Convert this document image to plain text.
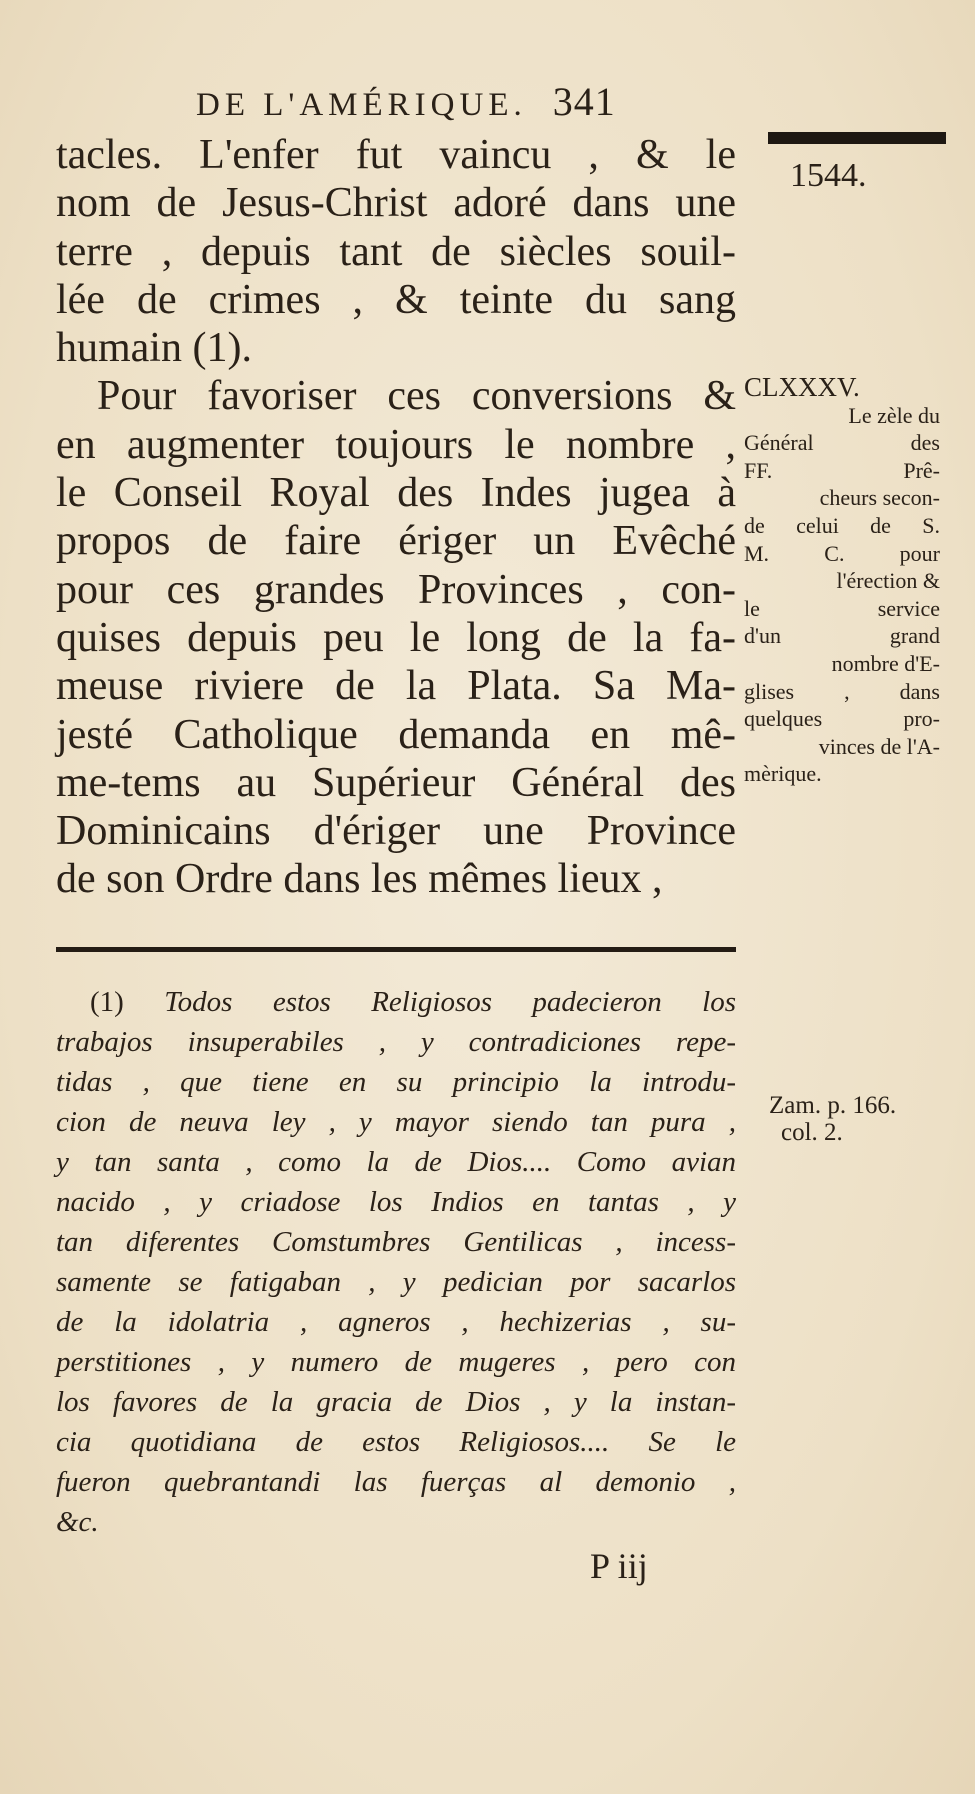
DE L'AMÉRIQUE. 341
1544.
tacles. L'enfer fut vaincu , & le
nom de Jesus-Christ adoré dans une
terre , depuis tant de siècles souil-
lée de crimes , & teinte du sang
humain (1).
Pour favoriser ces conversions &
en augmenter toujours le nombre ,
le Conseil Royal des Indes jugea à
propos de faire ériger un Evêché
pour ces grandes Provinces , con-
quises depuis peu le long de la fa-
meuse riviere de la Plata. Sa Ma-
jesté Catholique demanda en mê-
me-tems au Supérieur Général des
Dominicains d'ériger une Province
de son Ordre dans les mêmes lieux ,
CLXXXV.
Le zèle du
Général des
FF. Prê-
cheurs secon-
de celui de S.
M. C. pour
l'érection &
le service
d'un grand
nombre d'E-
glises , dans
quelques pro-
vinces de l'A-
mèrique.
(1) Todos estos Religiosos padecieron los
trabajos insuperabiles , y contradiciones repe-
tidas , que tiene en su principio la introdu-
cion de neuva ley , y mayor siendo tan pura ,
y tan santa , como la de Dios.... Como avian
nacido , y criadose los Indios en tantas , y
tan diferentes Comstumbres Gentilicas , incess-
samente se fatigaban , y pedician por sacarlos
de la idolatria , agneros , hechizerias , su-
perstitiones , y numero de mugeres , pero con
los favores de la gracia de Dios , y la instan-
cia quotidiana de estos Religiosos.... Se le
fueron quebrantandi las fuerças al demonio ,
&c.
Zam. p. 166.
col. 2.
P iij
